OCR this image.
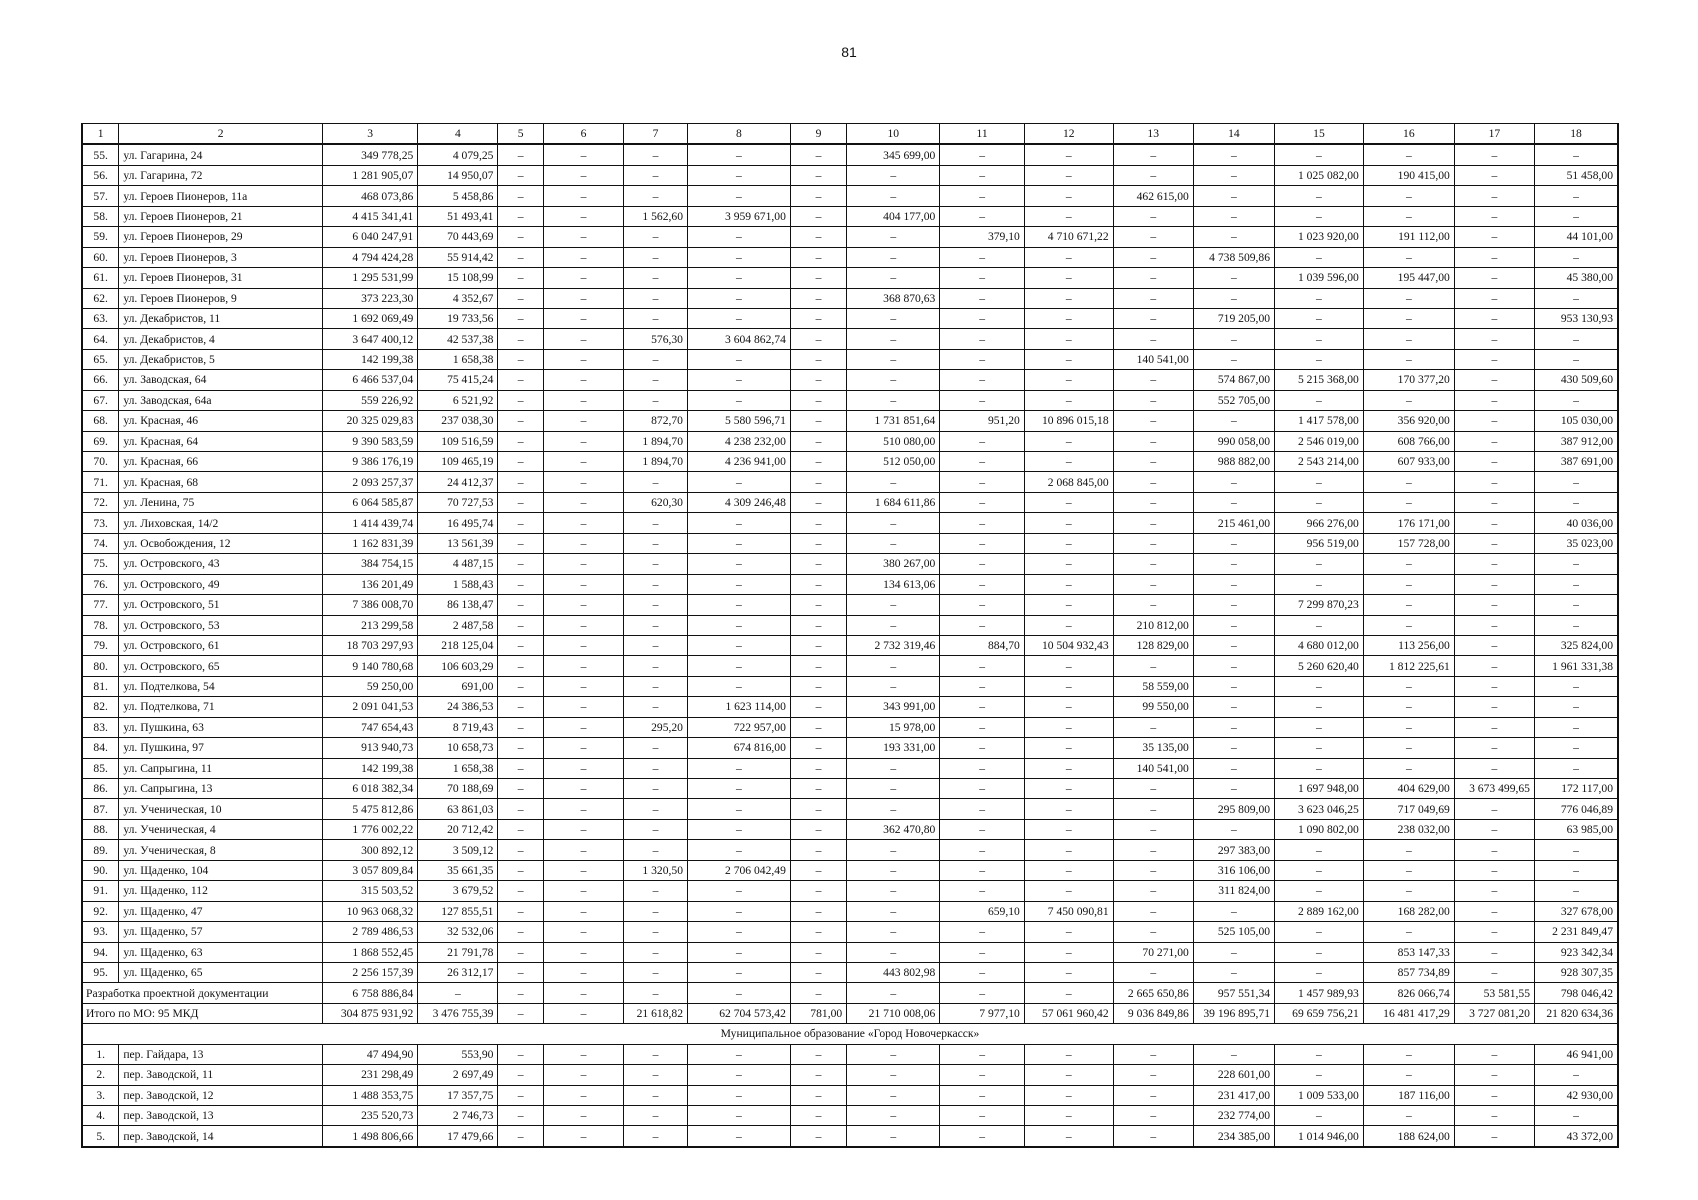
81
1	2	3	4	5	6	7	8	9	10	11	12	13	14	15	16	17	18
55.	ул. Гагарина, 24	349 778,25	4 079,25	–	–	–	–	–	345 699,00	–	–	–	–	–	–	–	–
56.	ул. Гагарина, 72	1 281 905,07	14 950,07	–	–	–	–	–	–	–	–	–	–	1 025 082,00	190 415,00	–	51 458,00
57.	ул. Героев Пионеров, 11а	468 073,86	5 458,86	–	–	–	–	–	–	–	–	462 615,00	–	–	–	–	–
58.	ул. Героев Пионеров, 21	4 415 341,41	51 493,41	–	–	1 562,60	3 959 671,00	–	404 177,00	–	–	–	–	–	–	–	–
59.	ул. Героев Пионеров, 29	6 040 247,91	70 443,69	–	–	–	–	–	–	379,10	4 710 671,22	–	–	1 023 920,00	191 112,00	–	44 101,00
60.	ул. Героев Пионеров, 3	4 794 424,28	55 914,42	–	–	–	–	–	–	–	–	–	4 738 509,86	–	–	–	–
61.	ул. Героев Пионеров, 31	1 295 531,99	15 108,99	–	–	–	–	–	–	–	–	–	–	1 039 596,00	195 447,00	–	45 380,00
62.	ул. Героев Пионеров, 9	373 223,30	4 352,67	–	–	–	–	–	368 870,63	–	–	–	–	–	–	–	–
63.	ул. Декабристов, 11	1 692 069,49	19 733,56	–	–	–	–	–	–	–	–	–	719 205,00	–	–	–	953 130,93
64.	ул. Декабристов, 4	3 647 400,12	42 537,38	–	–	576,30	3 604 862,74	–	–	–	–	–	–	–	–	–	–
65.	ул. Декабристов, 5	142 199,38	1 658,38	–	–	–	–	–	–	–	–	140 541,00	–	–	–	–	–
66.	ул. Заводская, 64	6 466 537,04	75 415,24	–	–	–	–	–	–	–	–	–	574 867,00	5 215 368,00	170 377,20	–	430 509,60
67.	ул. Заводская, 64а	559 226,92	6 521,92	–	–	–	–	–	–	–	–	–	552 705,00	–	–	–	–
68.	ул. Красная, 46	20 325 029,83	237 038,30	–	–	872,70	5 580 596,71	–	1 731 851,64	951,20	10 896 015,18	–	–	1 417 578,00	356 920,00	–	105 030,00
69.	ул. Красная, 64	9 390 583,59	109 516,59	–	–	1 894,70	4 238 232,00	–	510 080,00	–	–	–	990 058,00	2 546 019,00	608 766,00	–	387 912,00
70.	ул. Красная, 66	9 386 176,19	109 465,19	–	–	1 894,70	4 236 941,00	–	512 050,00	–	–	–	988 882,00	2 543 214,00	607 933,00	–	387 691,00
71.	ул. Красная, 68	2 093 257,37	24 412,37	–	–	–	–	–	–	–	2 068 845,00	–	–	–	–	–	–
72.	ул. Ленина, 75	6 064 585,87	70 727,53	–	–	620,30	4 309 246,48	–	1 684 611,86	–	–	–	–	–	–	–	–
73.	ул. Лиховская, 14/2	1 414 439,74	16 495,74	–	–	–	–	–	–	–	–	–	215 461,00	966 276,00	176 171,00	–	40 036,00
74.	ул. Освобождения, 12	1 162 831,39	13 561,39	–	–	–	–	–	–	–	–	–	–	956 519,00	157 728,00	–	35 023,00
75.	ул. Островского, 43	384 754,15	4 487,15	–	–	–	–	–	380 267,00	–	–	–	–	–	–	–	–
76.	ул. Островского, 49	136 201,49	1 588,43	–	–	–	–	–	134 613,06	–	–	–	–	–	–	–	–
77.	ул. Островского, 51	7 386 008,70	86 138,47	–	–	–	–	–	–	–	–	–	–	7 299 870,23	–	–	–
78.	ул. Островского, 53	213 299,58	2 487,58	–	–	–	–	–	–	–	–	210 812,00	–	–	–	–	–
79.	ул. Островского, 61	18 703 297,93	218 125,04	–	–	–	–	–	2 732 319,46	884,70	10 504 932,43	128 829,00	–	4 680 012,00	113 256,00	–	325 824,00
80.	ул. Островского, 65	9 140 780,68	106 603,29	–	–	–	–	–	–	–	–	–	–	5 260 620,40	1 812 225,61	–	1 961 331,38
81.	ул. Подтелкова, 54	59 250,00	691,00	–	–	–	–	–	–	–	–	58 559,00	–	–	–	–	–
82.	ул. Подтелкова, 71	2 091 041,53	24 386,53	–	–	–	1 623 114,00	–	343 991,00	–	–	99 550,00	–	–	–	–	–
83.	ул. Пушкина, 63	747 654,43	8 719,43	–	–	295,20	722 957,00	–	15 978,00	–	–	–	–	–	–	–	–
84.	ул. Пушкина, 97	913 940,73	10 658,73	–	–	–	674 816,00	–	193 331,00	–	–	35 135,00	–	–	–	–	–
85.	ул. Сапрыгина, 11	142 199,38	1 658,38	–	–	–	–	–	–	–	–	140 541,00	–	–	–	–	–
86.	ул. Сапрыгина, 13	6 018 382,34	70 188,69	–	–	–	–	–	–	–	–	–	–	1 697 948,00	404 629,00	3 673 499,65	172 117,00
87.	ул. Ученическая, 10	5 475 812,86	63 861,03	–	–	–	–	–	–	–	–	–	295 809,00	3 623 046,25	717 049,69	–	776 046,89
88.	ул. Ученическая, 4	1 776 002,22	20 712,42	–	–	–	–	–	362 470,80	–	–	–	–	1 090 802,00	238 032,00	–	63 985,00
89.	ул. Ученическая, 8	300 892,12	3 509,12	–	–	–	–	–	–	–	–	–	297 383,00	–	–	–	–
90.	ул. Щаденко, 104	3 057 809,84	35 661,35	–	–	1 320,50	2 706 042,49	–	–	–	–	–	316 106,00	–	–	–	–
91.	ул. Щаденко, 112	315 503,52	3 679,52	–	–	–	–	–	–	–	–	–	311 824,00	–	–	–	–
92.	ул. Щаденко, 47	10 963 068,32	127 855,51	–	–	–	–	–	–	659,10	7 450 090,81	–	–	2 889 162,00	168 282,00	–	327 678,00
93.	ул. Щаденко, 57	2 789 486,53	32 532,06	–	–	–	–	–	–	–	–	–	525 105,00	–	–	–	2 231 849,47
94.	ул. Щаденко, 63	1 868 552,45	21 791,78	–	–	–	–	–	–	–	–	70 271,00	–	–	853 147,33	–	923 342,34
95.	ул. Щаденко, 65	2 256 157,39	26 312,17	–	–	–	–	–	443 802,98	–	–	–	–	–	857 734,89	–	928 307,35
Разработка проектной документации		6 758 886,84	–	–	–	–	–	–	–	–	–	2 665 650,86	957 551,34	1 457 989,93	826 066,74	53 581,55	798 046,42
Итого по МО: 95 МКД		304 875 931,92	3 476 755,39	–	–	21 618,82	62 704 573,42	781,00	21 710 008,06	7 977,10	57 061 960,42	9 036 849,86	39 196 895,71	69 659 756,21	16 481 417,29	3 727 081,20	21 820 634,36
Муниципальное образование «Город Новочеркасск»																	
1.	пер. Гайдара, 13	47 494,90	553,90	–	–	–	–	–	–	–	–	–	–	–	–	–	46 941,00
2.	пер. Заводской, 11	231 298,49	2 697,49	–	–	–	–	–	–	–	–	–	228 601,00	–	–	–	–
3.	пер. Заводской, 12	1 488 353,75	17 357,75	–	–	–	–	–	–	–	–	–	231 417,00	1 009 533,00	187 116,00	–	42 930,00
4.	пер. Заводской, 13	235 520,73	2 746,73	–	–	–	–	–	–	–	–	–	232 774,00	–	–	–	–
5.	пер. Заводской, 14	1 498 806,66	17 479,66	–	–	–	–	–	–	–	–	–	234 385,00	1 014 946,00	188 624,00	–	43 372,00
